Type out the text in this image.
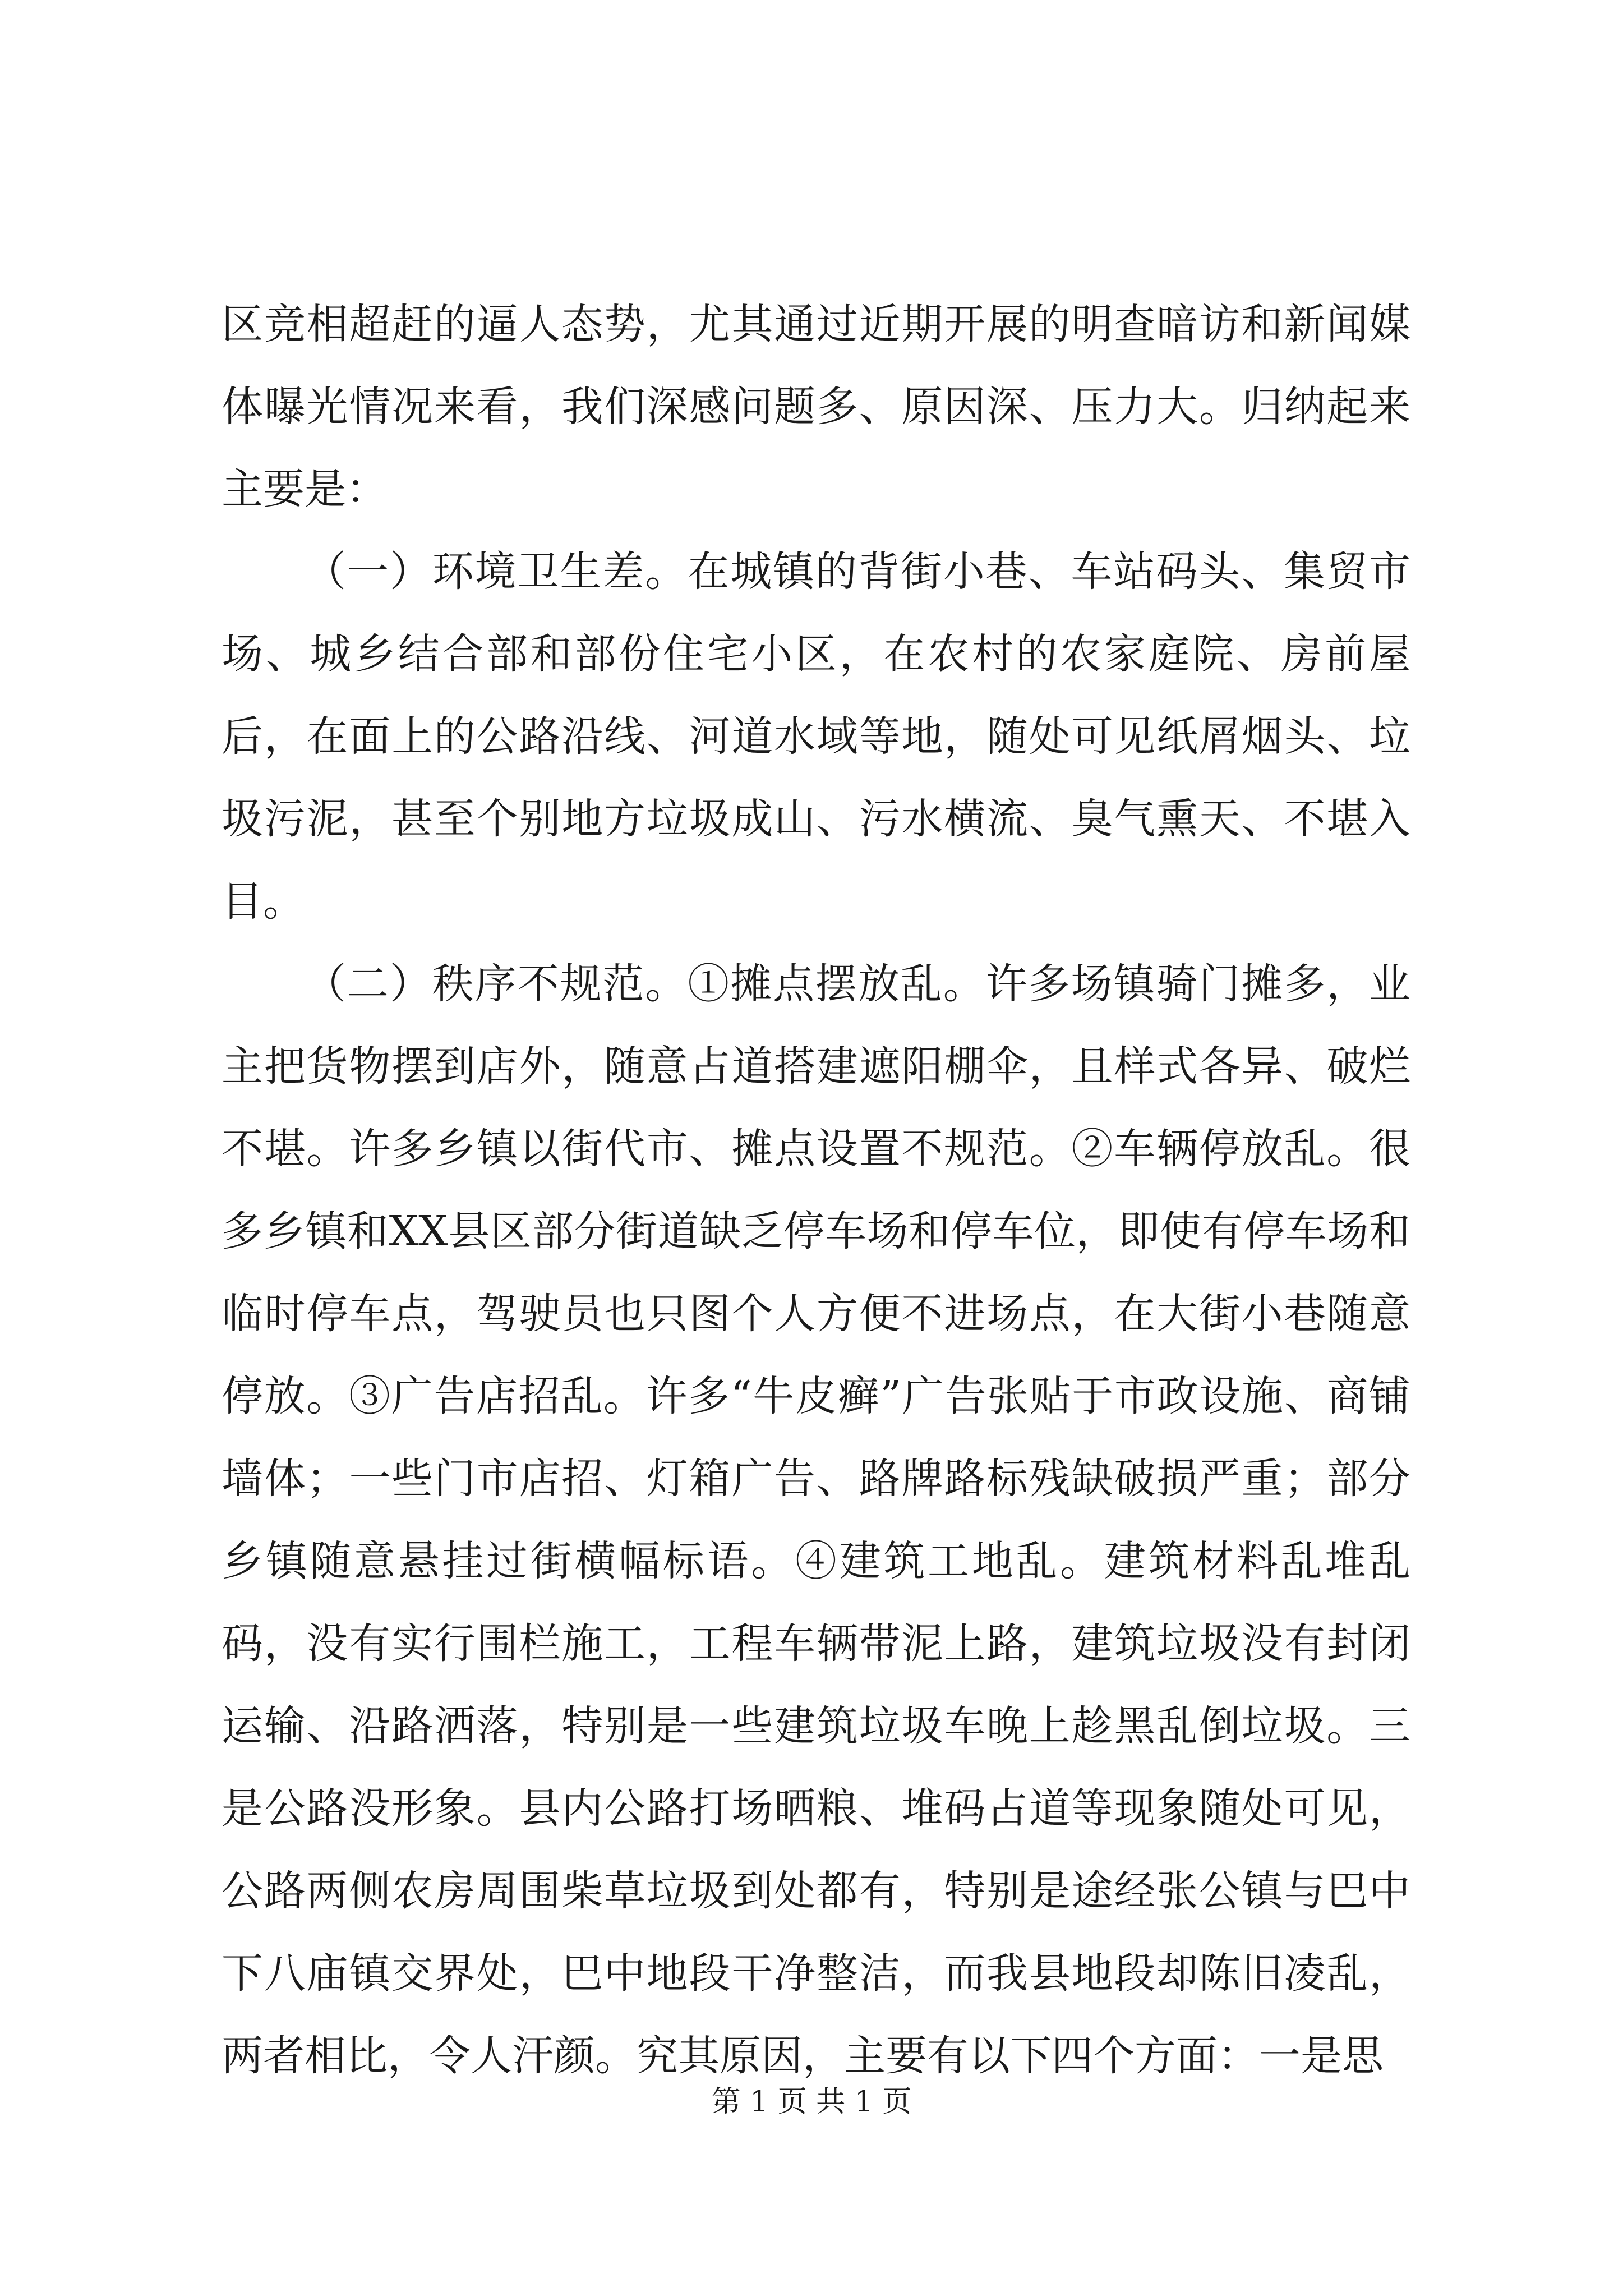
区竞相超赶的逼人态势，尤其通过近期开展的明查暗访和新闻媒体曝光情况来看，我们深感问题多、原因深、压力大。归纳起来主要是：

（一）环境卫生差。在城镇的背街小巷、车站码头、集贸市场、城乡结合部和部份住宅小区，在农村的农家庭院、房前屋后，在面上的公路沿线、河道水域等地，随处可见纸屑烟头、垃圾污泥，甚至个别地方垃圾成山、污水横流、臭气熏天、不堪入目。

（二）秩序不规范。①摊点摆放乱。许多场镇骑门摊多，业主把货物摆到店外，随意占道搭建遮阳棚伞，且样式各异、破烂不堪。许多乡镇以街代市、摊点设置不规范。②车辆停放乱。很多乡镇和XX县区部分街道缺乏停车场和停车位，即使有停车场和临时停车点，驾驶员也只图个人方便不进场点，在大街小巷随意停放。③广告店招乱。许多“牛皮癣”广告张贴于市政设施、商铺墙体；一些门市店招、灯箱广告、路牌路标残缺破损严重；部分乡镇随意悬挂过街横幅标语。④建筑工地乱。建筑材料乱堆乱码，没有实行围栏施工，工程车辆带泥上路，建筑垃圾没有封闭运输、沿路洒落，特别是一些建筑垃圾车晚上趁黑乱倒垃圾。三是公路没形象。县内公路打场晒粮、堆码占道等现象随处可见，公路两侧农房周围柴草垃圾到处都有，特别是途经张公镇与巴中下八庙镇交界处，巴中地段干净整洁，而我县地段却陈旧凌乱，两者相比，令人汗颜。究其原因，主要有以下四个方面：一是思

第 1 页 共 1 页
